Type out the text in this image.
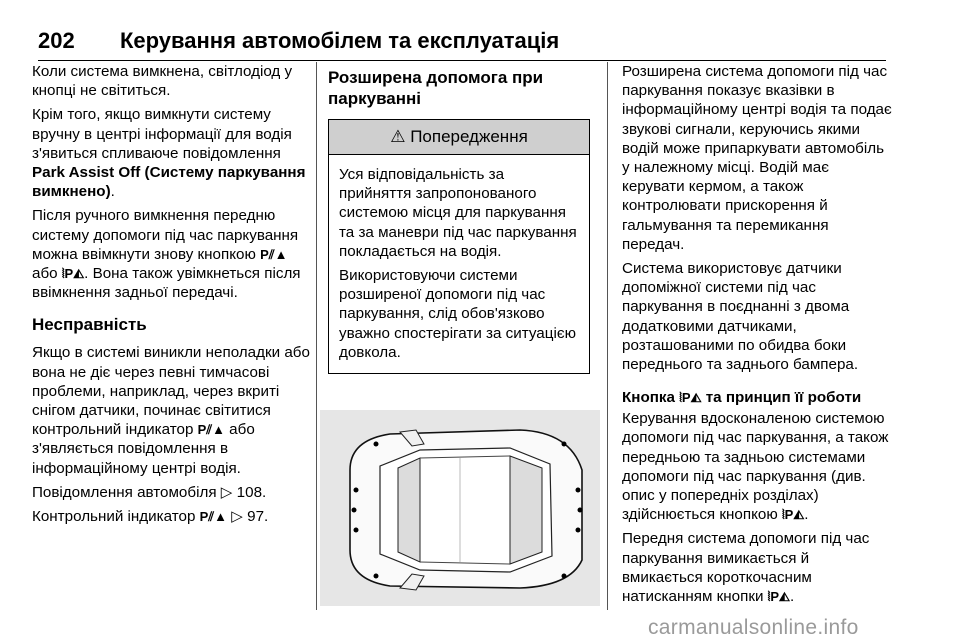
202 Керування автомобілем та експлуатація

Коли система вимкнена, світлодіод у кнопці не світиться.

Крім того, якщо вимкнути систему вручну в центрі інформації для водія з'явиться спливаюче повідомлення Park Assist Off (Систему паркування вимкнено).

Після ручного вимкнення передню систему допомоги під час паркування можна ввімкнути знову кнопкою P⫽▲ або ⦚P◭. Вона також увімкнеться після ввімкнення задньої передачі.

Несправність

Якщо в системі виникли неполадки або вона не діє через певні тимчасові проблеми, наприклад, через вкриті снігом датчики, починає світитися контрольний індикатор P⫽▲ або з'являється повідомлення в інформаційному центрі водія.

Повідомлення автомобіля ▷ 108.

Контрольний індикатор P⫽▲ ▷ 97.

Розширена допомога при паркуванні
⚠ Попередження

Уся відповідальність за прийняття запропонованого системою місця для паркування та за маневри під час паркування покладається на водія.

Використовуючи системи розширеної допомоги під час паркування, слід обов'язково уважно спостерігати за ситуацією довкола.

Розширена система допомоги під час паркування показує вказівки в інформаційному центрі водія та подає звукові сигнали, керуючись якими водій може припаркувати автомобіль у належному місці. Водій має керувати кермом, а також контролювати прискорення й гальмування та перемикання передач.

Система використовує датчики допоміжної системи під час паркування в поєднанні з двома додатковими датчиками, розташованими по обидва боки переднього та заднього бампера.

Кнопка ⦚P◭ та принцип її роботи

Керування вдосконаленою системою допомоги під час паркування, а також передньою та задньою системами допомоги під час паркування (див. опис у попередніх розділах) здійснюється кнопкою ⦚P◭.

Передня система допомоги під час паркування вимикається й вмикається короткочасним натисканням кнопки ⦚P◭.

carmanualsonline.info
